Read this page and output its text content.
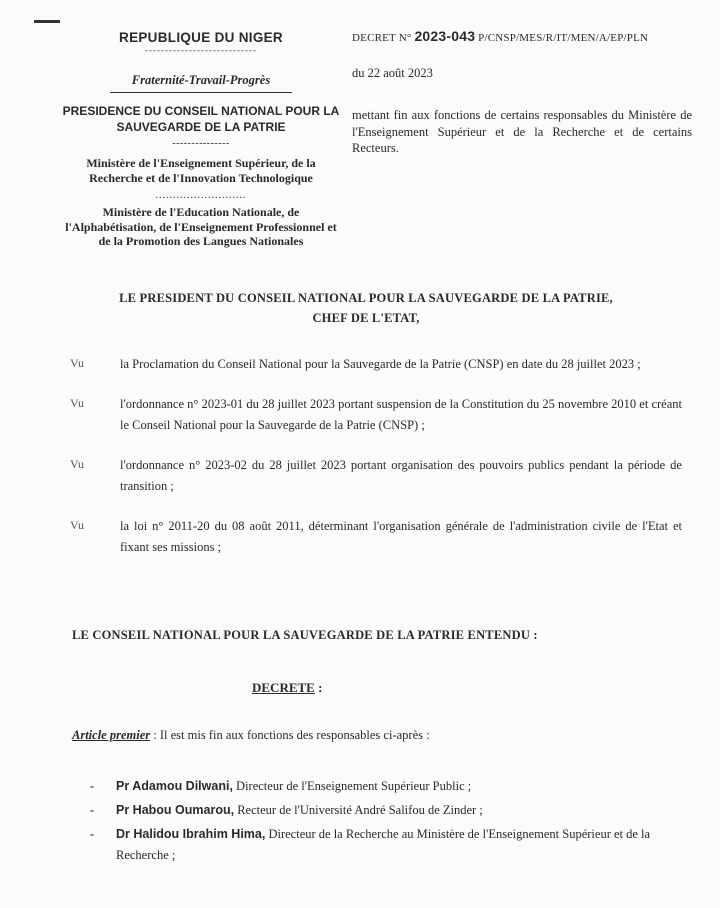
REPUBLIQUE DU NIGER
----------------------------
Fraternité-Travail-Progrès
PRESIDENCE DU CONSEIL NATIONAL POUR LA SAUVEGARDE DE LA PATRIE
---------------
Ministère de l'Enseignement Supérieur, de la Recherche et de l'Innovation Technologique
..........................
Ministère de l'Education Nationale, de l'Alphabétisation, de l'Enseignement Professionnel et de la Promotion des Langues Nationales
DECRET N° 2023-043 P/CNSP/MES/R/IT/MEN/A/EP/PLN
du 22 août 2023
mettant fin aux fonctions de certains responsables du Ministère de l'Enseignement Supérieur et de la Recherche et de certains Recteurs.
LE PRESIDENT DU CONSEIL NATIONAL POUR LA SAUVEGARDE DE LA PATRIE,
CHEF DE L'ETAT,
Vu	la Proclamation du Conseil National pour la Sauvegarde de la Patrie (CNSP) en date du 28 juillet 2023 ;
Vu	l'ordonnance n° 2023-01 du 28 juillet 2023 portant suspension de la Constitution du 25 novembre 2010 et créant le Conseil National pour la Sauvegarde de la Patrie (CNSP) ;
Vu	l'ordonnance n° 2023-02 du 28 juillet 2023 portant organisation des pouvoirs publics pendant la période de transition ;
Vu	la loi n° 2011-20 du 08 août 2011, déterminant l'organisation générale de l'administration civile de l'Etat et fixant ses missions ;
LE CONSEIL NATIONAL POUR LA SAUVEGARDE DE LA PATRIE ENTENDU :
DECRETE :
Article premier : Il est mis fin aux fonctions des responsables ci-après :
-	Pr Adamou Dilwani, Directeur de l'Enseignement Supérieur Public ;
-	Pr Habou Oumarou, Recteur de l'Université André Salifou de Zinder ;
-	Dr Halidou Ibrahim Hima, Directeur de la Recherche au Ministère de l'Enseignement Supérieur et de la Recherche ;
